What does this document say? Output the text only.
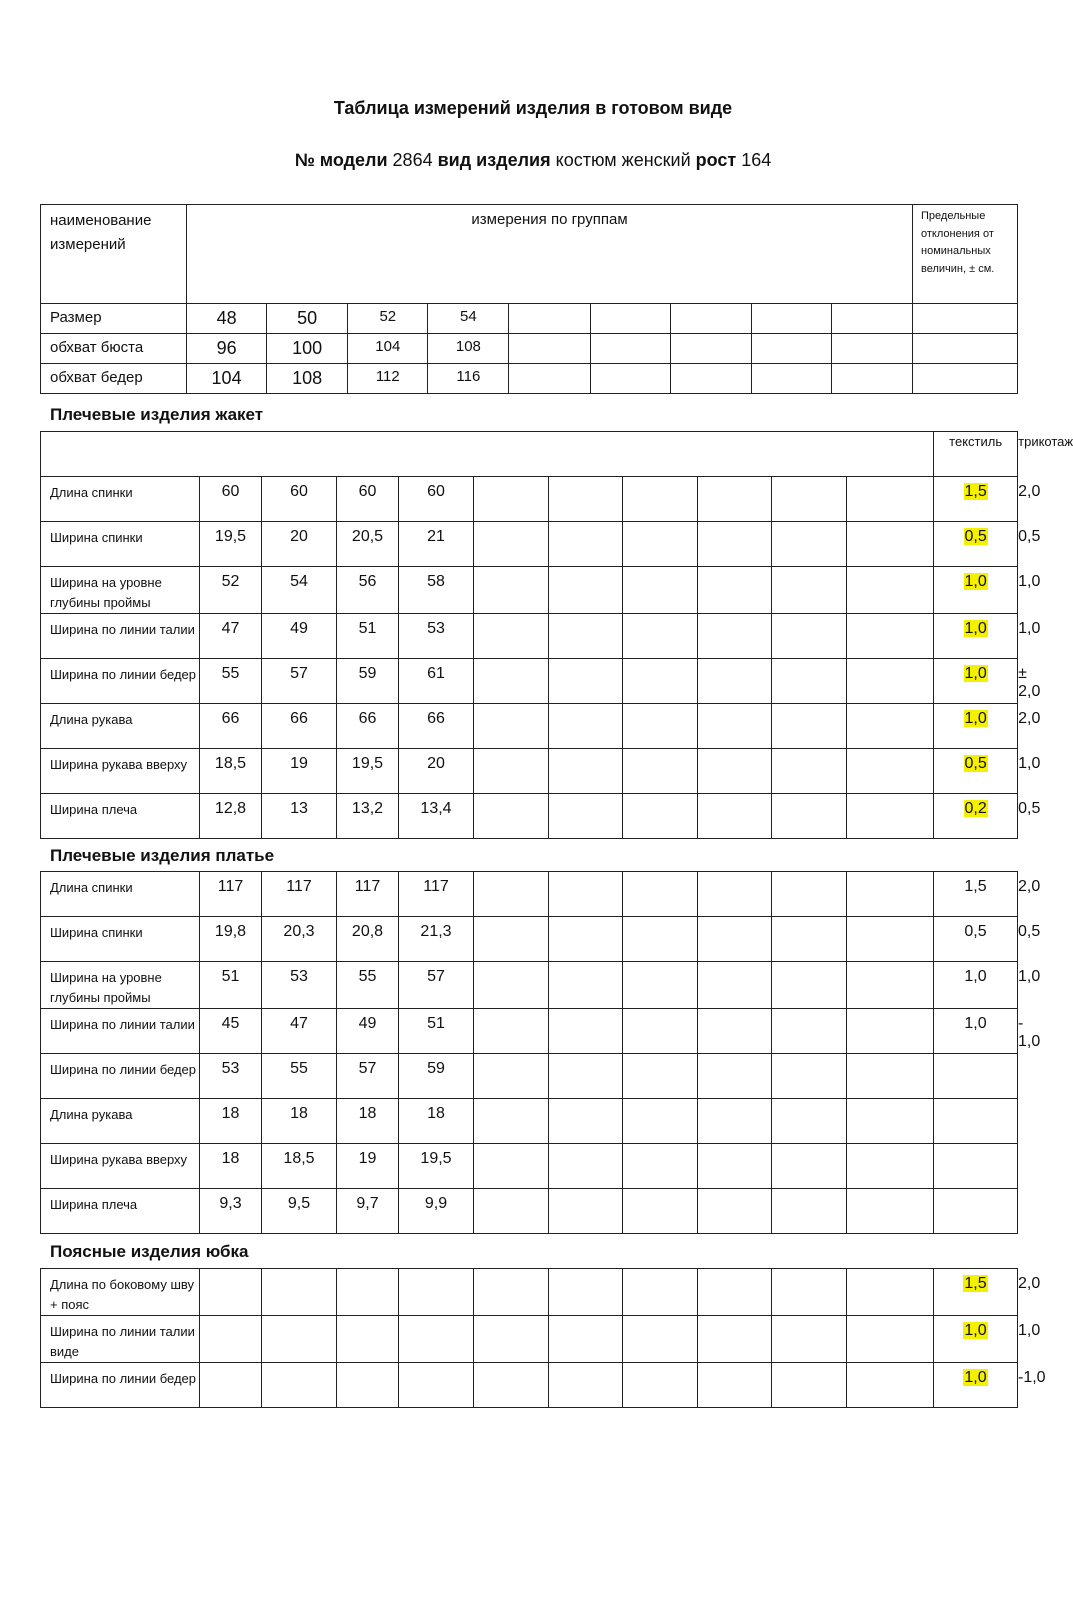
Таблица измерений изделия в готовом виде
№ модели 2864 вид изделия костюм женский рост 164
наименование измерений	измерения по группам									Предельные отклонения от номинальных величин, ± см.
Размер	48	50	52	54						
обхват бюста	96	100	104	108						
обхват бедер	104	108	112	116						
Плечевые изделия жакет
											текстиль	трикотаж
Длина спинки	60	60	60	60							1,5	2,0
Ширина спинки	19,5	20	20,5	21							0,5	0,5
Ширина на уровне глубины проймы	52	54	56	58							1,0	1,0
Ширина по линии талии	47	49	51	53							1,0	1,0
Ширина по линии бедер	55	57	59	61							1,0	± 2,0
Длина рукава	66	66	66	66							1,0	2,0
Ширина рукава вверху	18,5	19	19,5	20							0,5	1,0
Ширина плеча	12,8	13	13,2	13,4							0,2	0,5
Плечевые изделия платье
Длина спинки	117	117	117	117							1,5	2,0
Ширина спинки	19,8	20,3	20,8	21,3							0,5	0,5
Ширина на уровне глубины проймы	51	53	55	57							1,0	1,0
Ширина по линии талии	45	47	49	51							1,0	- 1,0
Ширина по линии бедер	53	55	57	59								
Длина рукава	18	18	18	18								
Ширина рукава вверху	18	18,5	19	19,5								
Ширина плеча	9,3	9,5	9,7	9,9								
Поясные изделия юбка
Длина по боковому шву + пояс											1,5	2,0
Ширина по линии талии виде											1,0	1,0
Ширина по линии бедер											1,0	-1,0
